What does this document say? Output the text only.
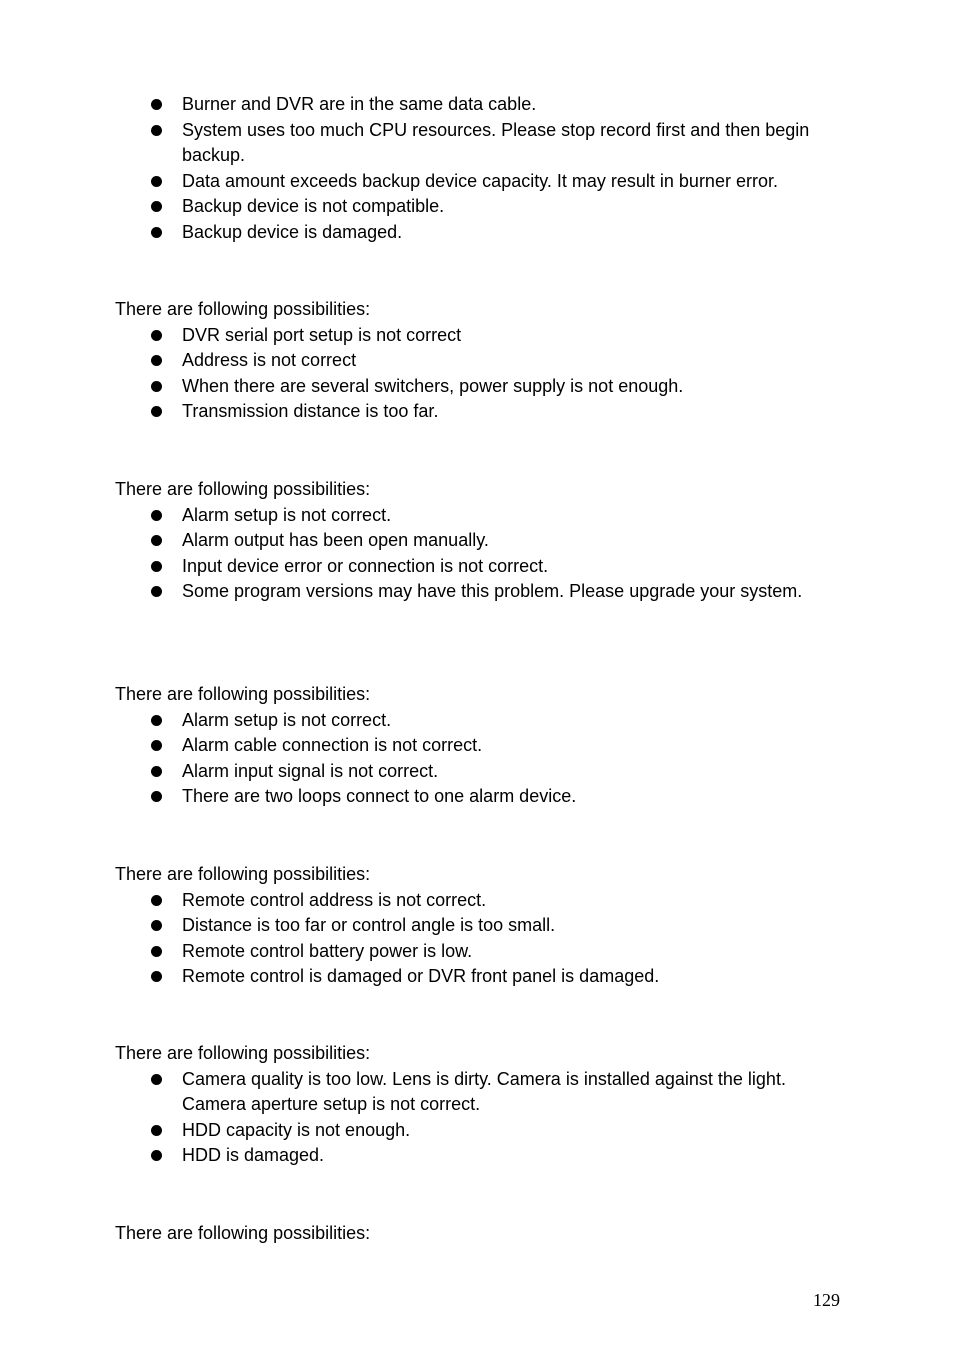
Burner and DVR are in the same data cable.
System uses too much CPU resources. Please stop record first and then begin backup.
Data amount exceeds backup device capacity. It may result in burner error.
Backup device is not compatible.
Backup device is damaged.

There are following possibilities:

DVR serial port setup is not correct
Address is not correct
When there are several switchers, power supply is not enough.
Transmission distance is too far.

There are following possibilities:

Alarm setup is not correct.
Alarm output has been open manually.
Input device error or connection is not correct.
Some program versions may have this problem. Please upgrade your system.

There are following possibilities:

Alarm setup is not correct.
Alarm cable connection is not correct.
Alarm input signal is not correct.
There are two loops connect to one alarm device.

There are following possibilities:

Remote control address is not correct.
Distance is too far or control angle is too small.
Remote control battery power is low.
Remote control is damaged or DVR front panel is damaged.

There are following possibilities:

Camera quality is too low. Lens is dirty. Camera is installed against the light. Camera aperture setup is not correct.
HDD capacity is not enough.
HDD is damaged.

There are following possibilities:

129
